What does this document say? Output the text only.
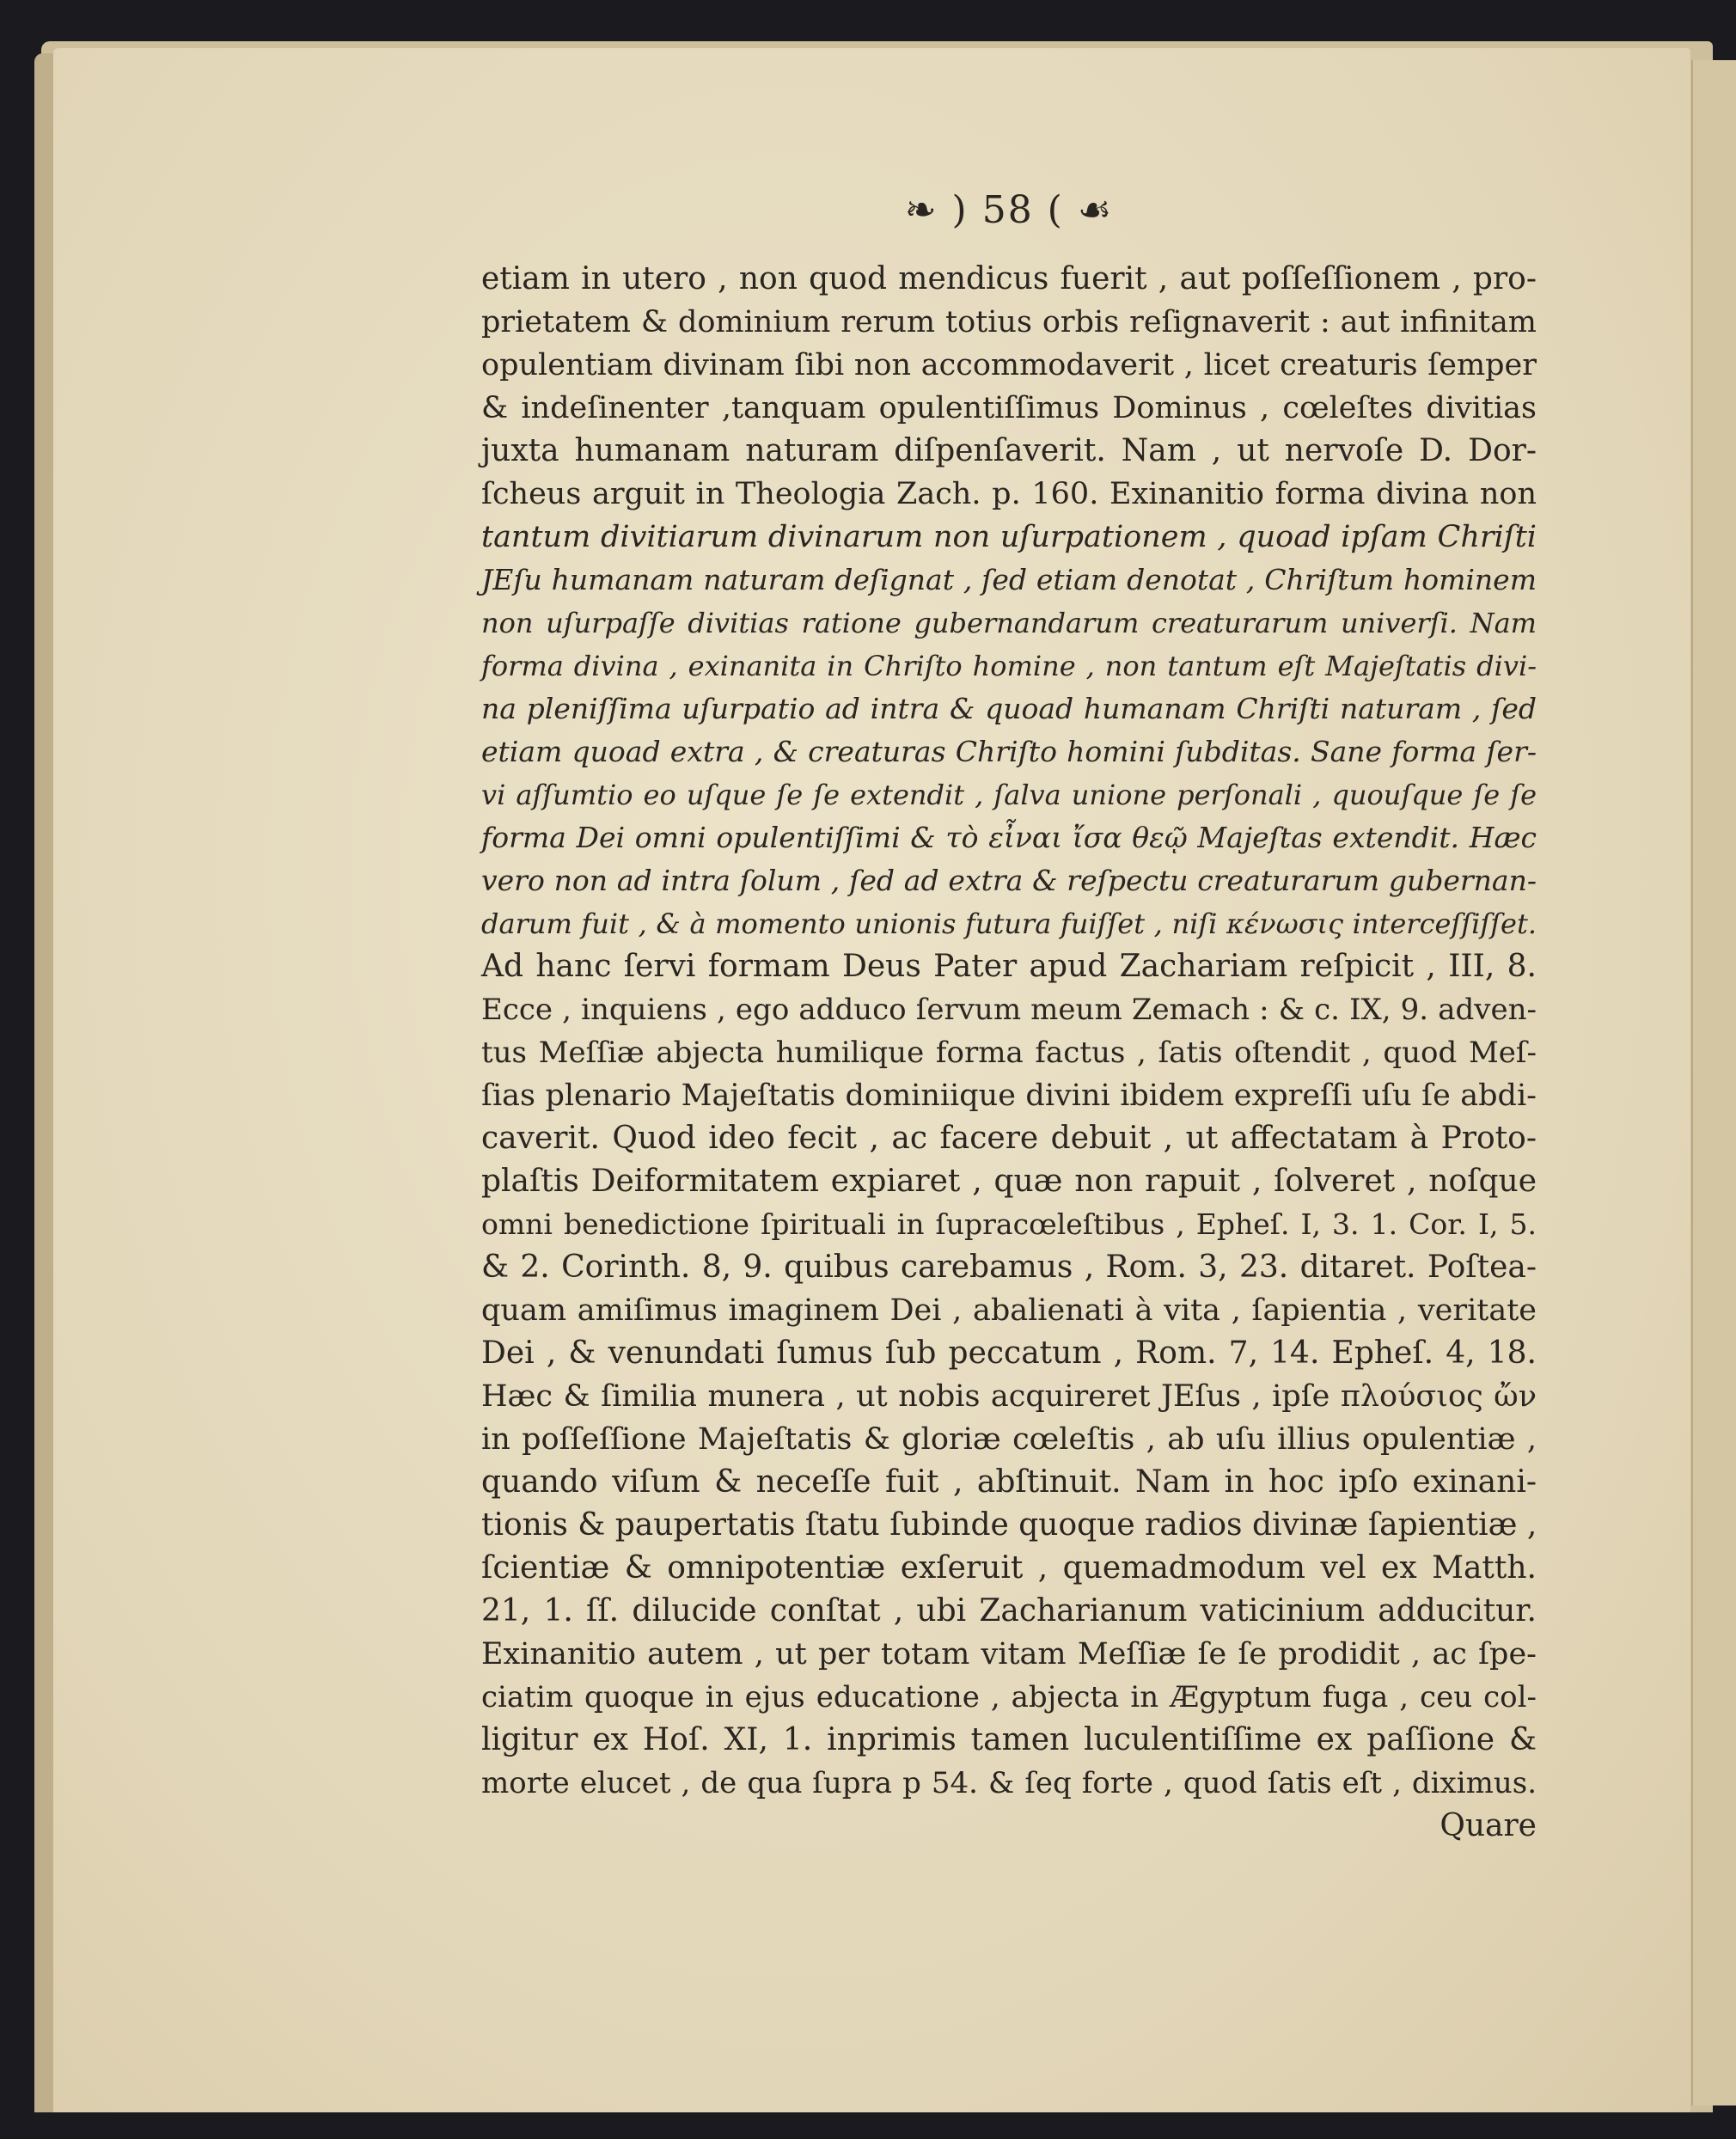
❧ ) 58 ( ☙
etiam in utero , non quod mendicus fuerit , aut poſſeſſionem , pro-
prietatem & dominium rerum totius orbis reſignaverit : aut infinitam
opulentiam divinam ſibi non accommodaverit , licet creaturis ſemper
& indeſinenter ,tanquam opulentiſſimus Dominus , cœleſtes divitias
juxta humanam naturam diſpenſaverit. Nam , ut nervoſe D. Dor-
ſcheus arguit in Theologia Zach. p. 160. Exinanitio forma divina non
tantum divitiarum divinarum non uſurpationem , quoad ipſam Chriſti
JEſu humanam naturam deſignat , ſed etiam denotat , Chriſtum hominem
non uſurpaſſe divitias ratione gubernandarum creaturarum univerſi. Nam
forma divina , exinanita in Chriſto homine , non tantum eſt Majeſtatis divi-
na pleniſſima uſurpatio ad intra & quoad humanam Chriſti naturam , ſed
etiam quoad extra , & creaturas Chriſto homini ſubditas. Sane forma ſer-
vi aſſumtio eo uſque ſe ſe extendit , ſalva unione perſonali , quouſque ſe ſe
forma Dei omni opulentiſſimi & τὸ εἶναι ἴσα θεῷ Majeſtas extendit. Hæc
vero non ad intra ſolum , ſed ad extra & reſpectu creaturarum gubernan-
darum fuit , & à momento unionis futura fuiſſet , niſi κένωσις interceſſiſſet.
Ad hanc ſervi formam Deus Pater apud Zachariam reſpicit , III, 8.
Ecce , inquiens , ego adduco ſervum meum Zemach : & c. IX, 9. adven-
tus Meſſiæ abjecta humilique forma factus , ſatis oſtendit , quod Meſ-
ſias plenario Majeſtatis dominiique divini ibidem expreſſi uſu ſe abdi-
caverit. Quod ideo fecit , ac facere debuit , ut affectatam à Proto-
plaſtis Deiformitatem expiaret , quæ non rapuit , ſolveret , noſque
omni benedictione ſpirituali in ſupracœleſtibus , Epheſ. I, 3. 1. Cor. I, 5.
& 2. Corinth. 8, 9. quibus carebamus , Rom. 3, 23. ditaret. Poſtea-
quam amiſimus imaginem Dei , abalienati à vita , ſapientia , veritate
Dei , & venundati ſumus ſub peccatum , Rom. 7, 14. Epheſ. 4, 18.
Hæc & ſimilia munera , ut nobis acquireret JEſus , ipſe πλούσιος ὤν
in poſſeſſione Majeſtatis & gloriæ cœleſtis , ab uſu illius opulentiæ ,
quando viſum & neceſſe fuit , abſtinuit. Nam in hoc ipſo exinani-
tionis & paupertatis ſtatu ſubinde quoque radios divinæ ſapientiæ ,
ſcientiæ & omnipotentiæ exſeruit , quemadmodum vel ex Matth.
21, 1. ſſ. dilucide conſtat , ubi Zacharianum vaticinium adducitur.
Exinanitio autem , ut per totam vitam Meſſiæ ſe ſe prodidit , ac ſpe-
ciatim quoque in ejus educatione , abjecta in Ægyptum fuga , ceu col-
ligitur ex Hoſ. XI, 1. inprimis tamen luculentiſſime ex paſſione &
morte elucet , de qua ſupra p 54. & ſeq forte , quod ſatis eſt , diximus.
Quare
